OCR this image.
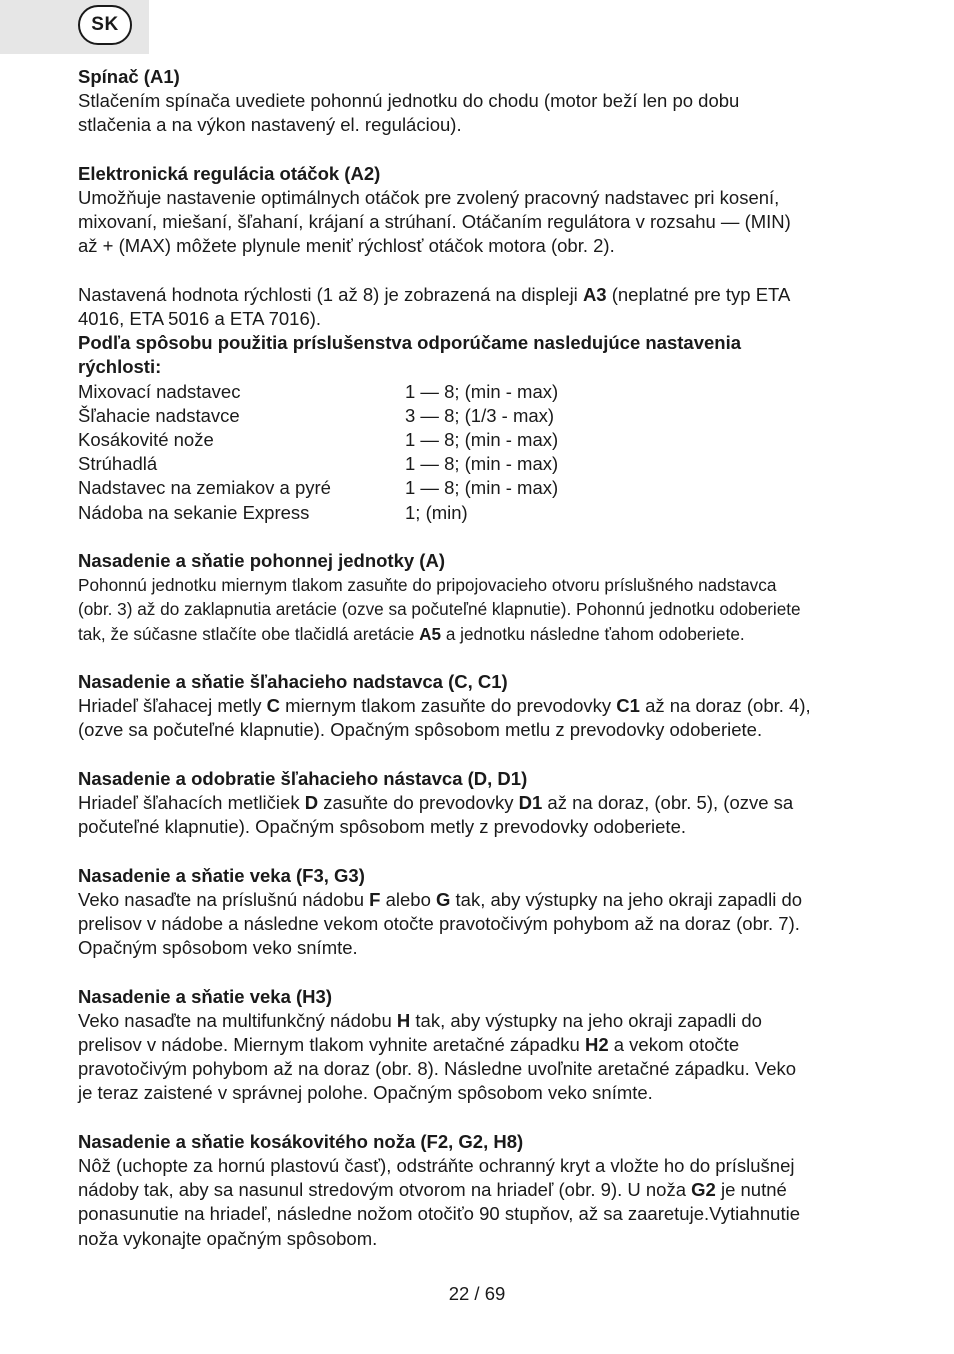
SK

Spínač (A1)

Stlačením spínača uvediete pohonnú jednotku do chodu (motor beží len po dobu
stlačenia a na výkon nastavený el. reguláciou).

Elektronická regulácia otáčok (A2)

Umožňuje nastavenie optimálnych otáčok pre zvolený pracovný nadstavec pri kosení,
mixovaní, miešaní, šľahaní, krájaní a strúhaní. Otáčaním regulátora v rozsahu — (MIN)
až + (MAX) môžete plynule meniť rýchlosť otáčok motora (obr. 2).

Nastavená hodnota rýchlosti (1 až 8) je zobrazená na displeji A3 (neplatné pre typ ETA
4016, ETA 5016 a ETA 7016).

Podľa spôsobu použitia príslušenstva odporúčame nasledujúce nastavenia
rýchlosti:

Mixovací nadstavec	1 — 8; (min - max)
Šľahacie nadstavce	3 — 8; (1/3 - max)
Kosákovité nože	1 — 8; (min - max)
Strúhadlá	1 — 8; (min - max)
Nadstavec na zemiakov a pyré	1 — 8; (min - max)
Nádoba na sekanie Express	1; (min)

Nasadenie a sňatie pohonnej jednotky (A)

Pohonnú jednotku miernym tlakom zasuňte do pripojovacieho otvoru príslušného nadstavca
(obr. 3) až do zaklapnutia aretácie (ozve sa počuteľné klapnutie). Pohonnú jednotku odoberiete
tak, že súčasne stlačíte obe tlačidlá aretácie A5 a jednotku následne ťahom odoberiete.

Nasadenie a sňatie šľahacieho nadstavca (C, C1)

Hriadeľ šľahacej metly C miernym tlakom zasuňte do prevodovky C1 až na doraz (obr. 4),
(ozve sa počuteľné klapnutie). Opačným spôsobom metlu z prevodovky odoberiete.

Nasadenie a odobratie šľahacieho nástavca (D, D1)

Hriadeľ šľahacích metličiek D zasuňte do prevodovky D1 až na doraz, (obr. 5), (ozve sa
počuteľné klapnutie). Opačným spôsobom metly z prevodovky odoberiete.

Nasadenie a sňatie veka (F3, G3)

Veko nasaďte na príslušnú nádobu F alebo G tak, aby výstupky na jeho okraji zapadli do
prelisov v nádobe a následne vekom otočte pravotočivým pohybom až na doraz (obr. 7).
Opačným spôsobom veko snímte.

Nasadenie a sňatie veka (H3)

Veko nasaďte na multifunkčný nádobu H tak, aby výstupky na jeho okraji zapadli do
prelisov v nádobe. Miernym tlakom vyhnite aretačné západku H2 a vekom otočte
pravotočivým pohybom až na doraz (obr. 8). Následne uvoľnite aretačné západku. Veko
je teraz zaistené v správnej polohe. Opačným spôsobom veko snímte.

Nasadenie a sňatie kosákovitého noža (F2, G2, H8)

Nôž (uchopte za hornú plastovú časť), odstráňte ochranný kryt a vložte ho do príslušnej
nádoby tak, aby sa nasunul stredovým otvorom na hriadeľ (obr. 9). U noža G2 je nutné
ponasunutie na hriadeľ, následne nožom otočiťo 90 stupňov, až sa zaaretuje.Vytiahnutie
noža vykonajte opačným spôsobom.

22 / 69
